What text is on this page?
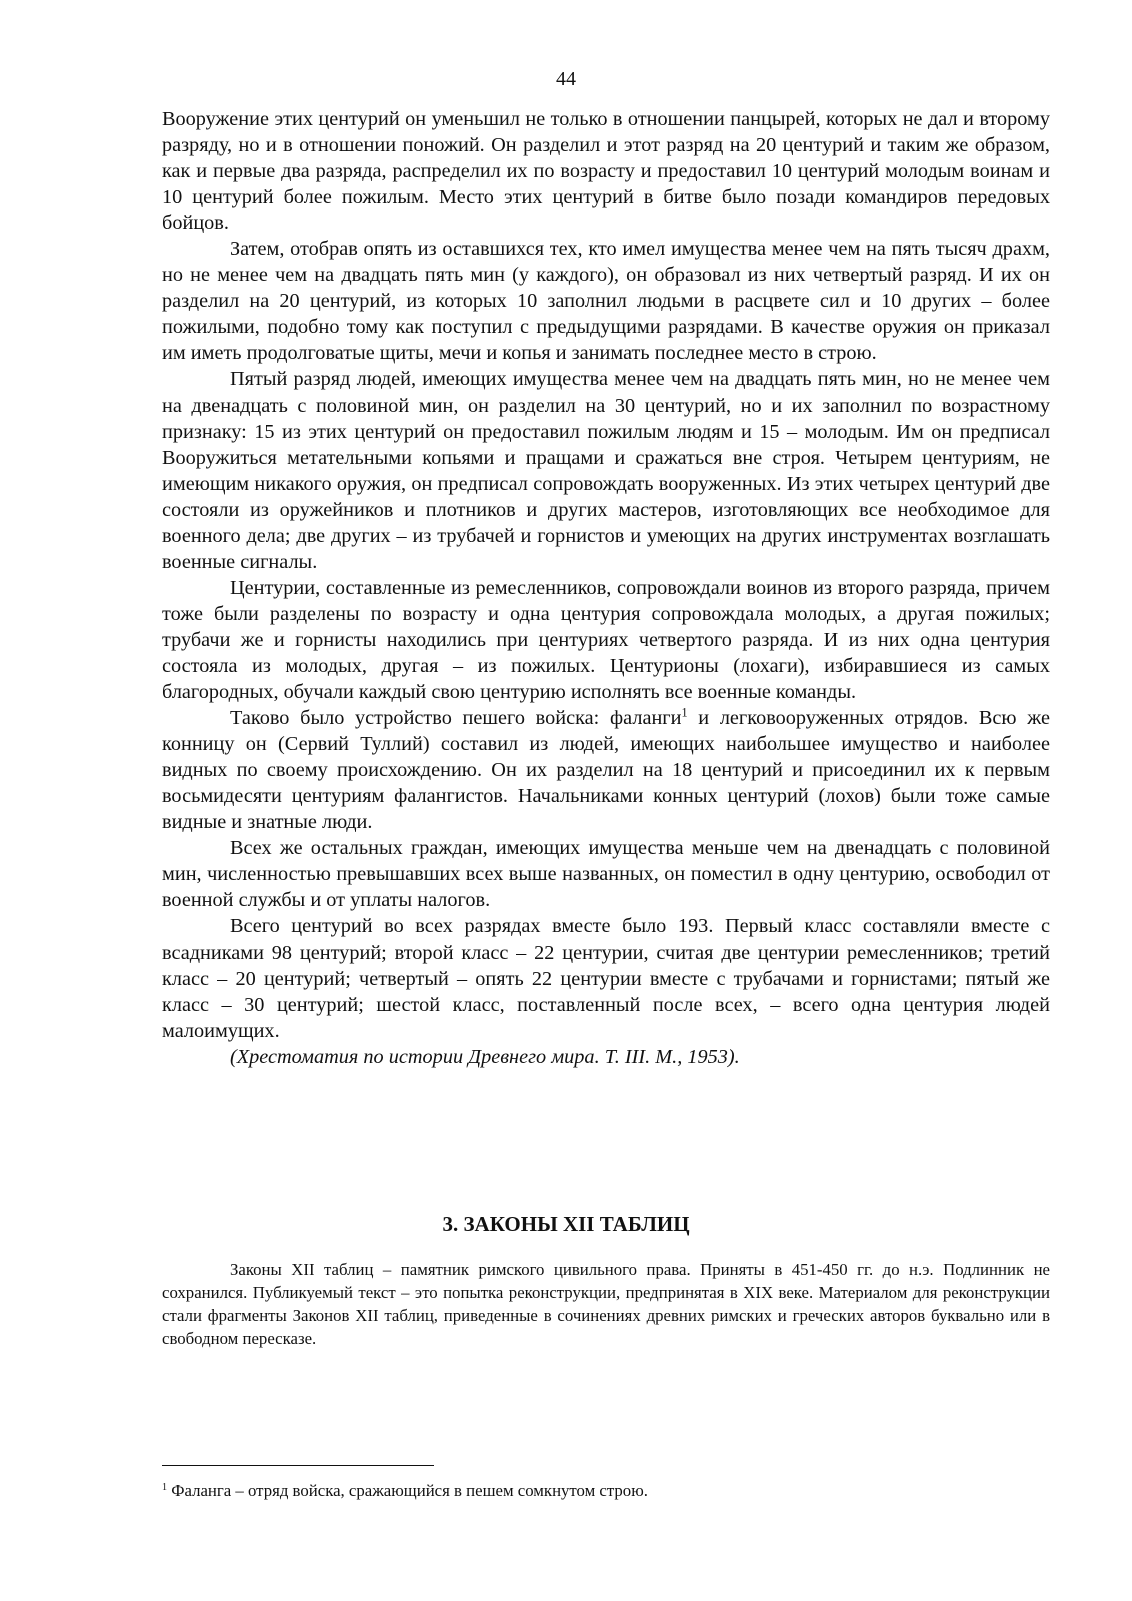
44

Вооружение этих центурий он уменьшил не только в отношении панцырей, которых не дал и второму разряду, но и в отношении поножий. Он разделил и этот разряд на 20 центурий и таким же образом, как и первые два разряда, распределил их по возрасту и предоставил 10 центурий молодым воинам и 10 центурий более пожилым. Место этих центурий в битве было позади командиров передовых бойцов.

Затем, отобрав опять из оставшихся тех, кто имел имущества менее чем на пять тысяч драхм, но не менее чем на двадцать пять мин (у каждого), он образовал из них четвертый разряд. И их он разделил на 20 центурий, из которых 10 заполнил людьми в расцвете сил и 10 других – более пожилыми, подобно тому как поступил с предыдущими разрядами. В качестве оружия он приказал им иметь продолговатые щиты, мечи и копья и занимать последнее место в строю.

Пятый разряд людей, имеющих имущества менее чем на двадцать пять мин, но не менее чем на двенадцать с половиной мин, он разделил на 30 центурий, но и их заполнил по возрастному признаку: 15 из этих центурий он предоставил пожилым людям и 15 – молодым. Им он предписал Вооружиться метательными копьями и пращами и сражаться вне строя. Четырем центуриям, не имеющим никакого оружия, он предписал сопровождать вооруженных. Из этих четырех центурий две состояли из оружейников и плотников и других мастеров, изготовляющих все необходимое для военного дела; две других – из трубачей и горнистов и умеющих на других инструментах возглашать военные сигналы.

Центурии, составленные из ремесленников, сопровождали воинов из второго разряда, причем тоже были разделены по возрасту и одна центурия сопровождала молодых, а другая пожилых; трубачи же и горнисты находились при центуриях четвертого разряда. И из них одна центурия состояла из молодых, другая – из пожилых. Центурионы (лохаги), избиравшиеся из самых благородных, обучали каждый свою центурию исполнять все военные команды.

Таково было устройство пешего войска: фаланги$^1$ и легковооруженных отрядов. Всю же конницу он (Сервий Туллий) составил из людей, имеющих наибольшее имущество и наиболее видных по своему происхождению. Он их разделил на 18 центурий и присоединил их к первым восьмидесяти центуриям фалангистов. Начальниками конных центурий (лохов) были тоже самые видные и знатные люди.

Всех же остальных граждан, имеющих имущества меньше чем на двенадцать с половиной мин, численностью превышавших всех выше названных, он поместил в одну центурию, освободил от военной службы и от уплаты налогов.

Всего центурий во всех разрядах вместе было 193. Первый класс составляли вместе с всадниками 98 центурий; второй класс – 22 центурии, считая две центурии ремесленников; третий класс – 20 центурий; четвертый – опять 22 центурии вместе с трубачами и горнистами; пятый же класс – 30 центурий; шестой класс, поставленный после всех, – всего одна центурия людей малоимущих.

(Хрестоматия по истории Древнего мира. Т. III. М., 1953).

3. ЗАКОНЫ XII ТАБЛИЦ
Законы XII таблиц – памятник римского цивильного права. Приняты в 451-450 гг. до н.э. Подлинник не сохранился. Публикуемый текст – это попытка реконструкции, предпринятая в XIX веке. Материалом для реконструкции стали фрагменты Законов XII таблиц, приведенные в сочинениях древних римских и греческих авторов буквально или в свободном пересказе.
$^1$ Фаланга – отряд войска, сражающийся в пешем сомкнутом строю.
